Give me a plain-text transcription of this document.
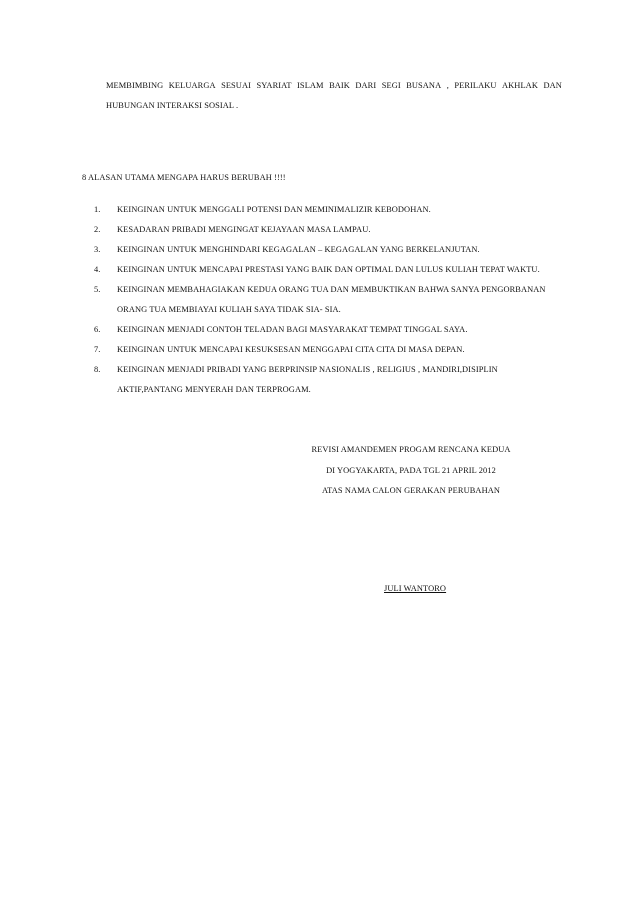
MEMBIMBING KELUARGA SESUAI SYARIAT ISLAM BAIK DARI SEGI BUSANA , PERILAKU AKHLAK DAN
HUBUNGAN INTERAKSI SOSIAL .
8 ALASAN UTAMA MENGAPA HARUS BERUBAH !!!!
1. KEINGINAN UNTUK MENGGALI POTENSI DAN MEMINIMALIZIR KEBODOHAN.
2. KESADARAN PRIBADI MENGINGAT KEJAYAAN MASA LAMPAU.
3. KEINGINAN UNTUK MENGHINDARI KEGAGALAN – KEGAGALAN YANG BERKELANJUTAN.
4. KEINGINAN UNTUK MENCAPAI PRESTASI YANG BAIK DAN OPTIMAL DAN LULUS KULIAH TEPAT WAKTU.
5. KEINGINAN MEMBAHAGIAKAN KEDUA ORANG TUA DAN MEMBUKTIKAN BAHWA SANYA PENGORBANAN
ORANG TUA MEMBIAYAI KULIAH SAYA TIDAK SIA- SIA.
6. KEINGINAN MENJADI CONTOH TELADAN BAGI MASYARAKAT TEMPAT TINGGAL SAYA.
7. KEINGINAN UNTUK MENCAPAI KESUKSESAN MENGGAPAI CITA CITA DI MASA DEPAN.
8. KEINGINAN MENJADI PRIBADI YANG BERPRINSIP NASIONALIS , RELIGIUS , MANDIRI,DISIPLIN
AKTIF,PANTANG MENYERAH DAN TERPROGAM.
REVISI AMANDEMEN PROGAM RENCANA KEDUA
DI YOGYAKARTA, PADA TGL 21 APRIL 2012
ATAS NAMA CALON GERAKAN PERUBAHAN
JULI WANTORO
